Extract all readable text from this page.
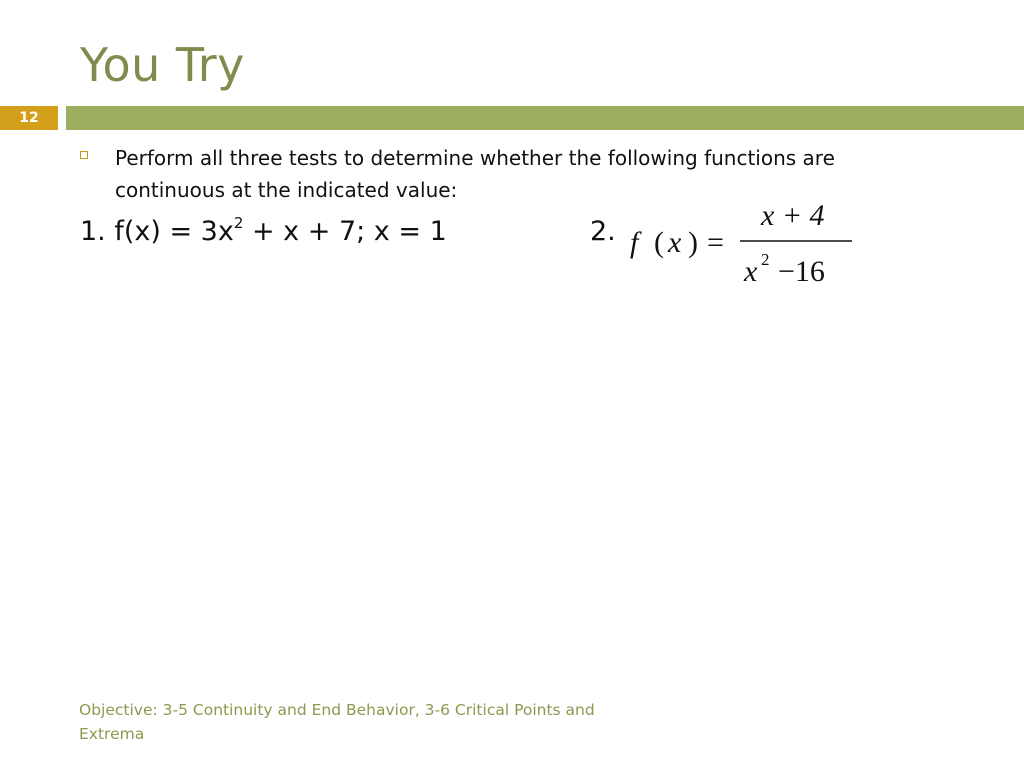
You Try
12
Perform all three tests to determine whether the following functions are continuous at the indicated value:
1. $f(x) = 3x^2 + x + 7$; x = 1	2. f ( x ) =
x + 4
x 2 −16
Objective: 3-5 Continuity and End Behavior, 3-6 Critical Points and Extrema
